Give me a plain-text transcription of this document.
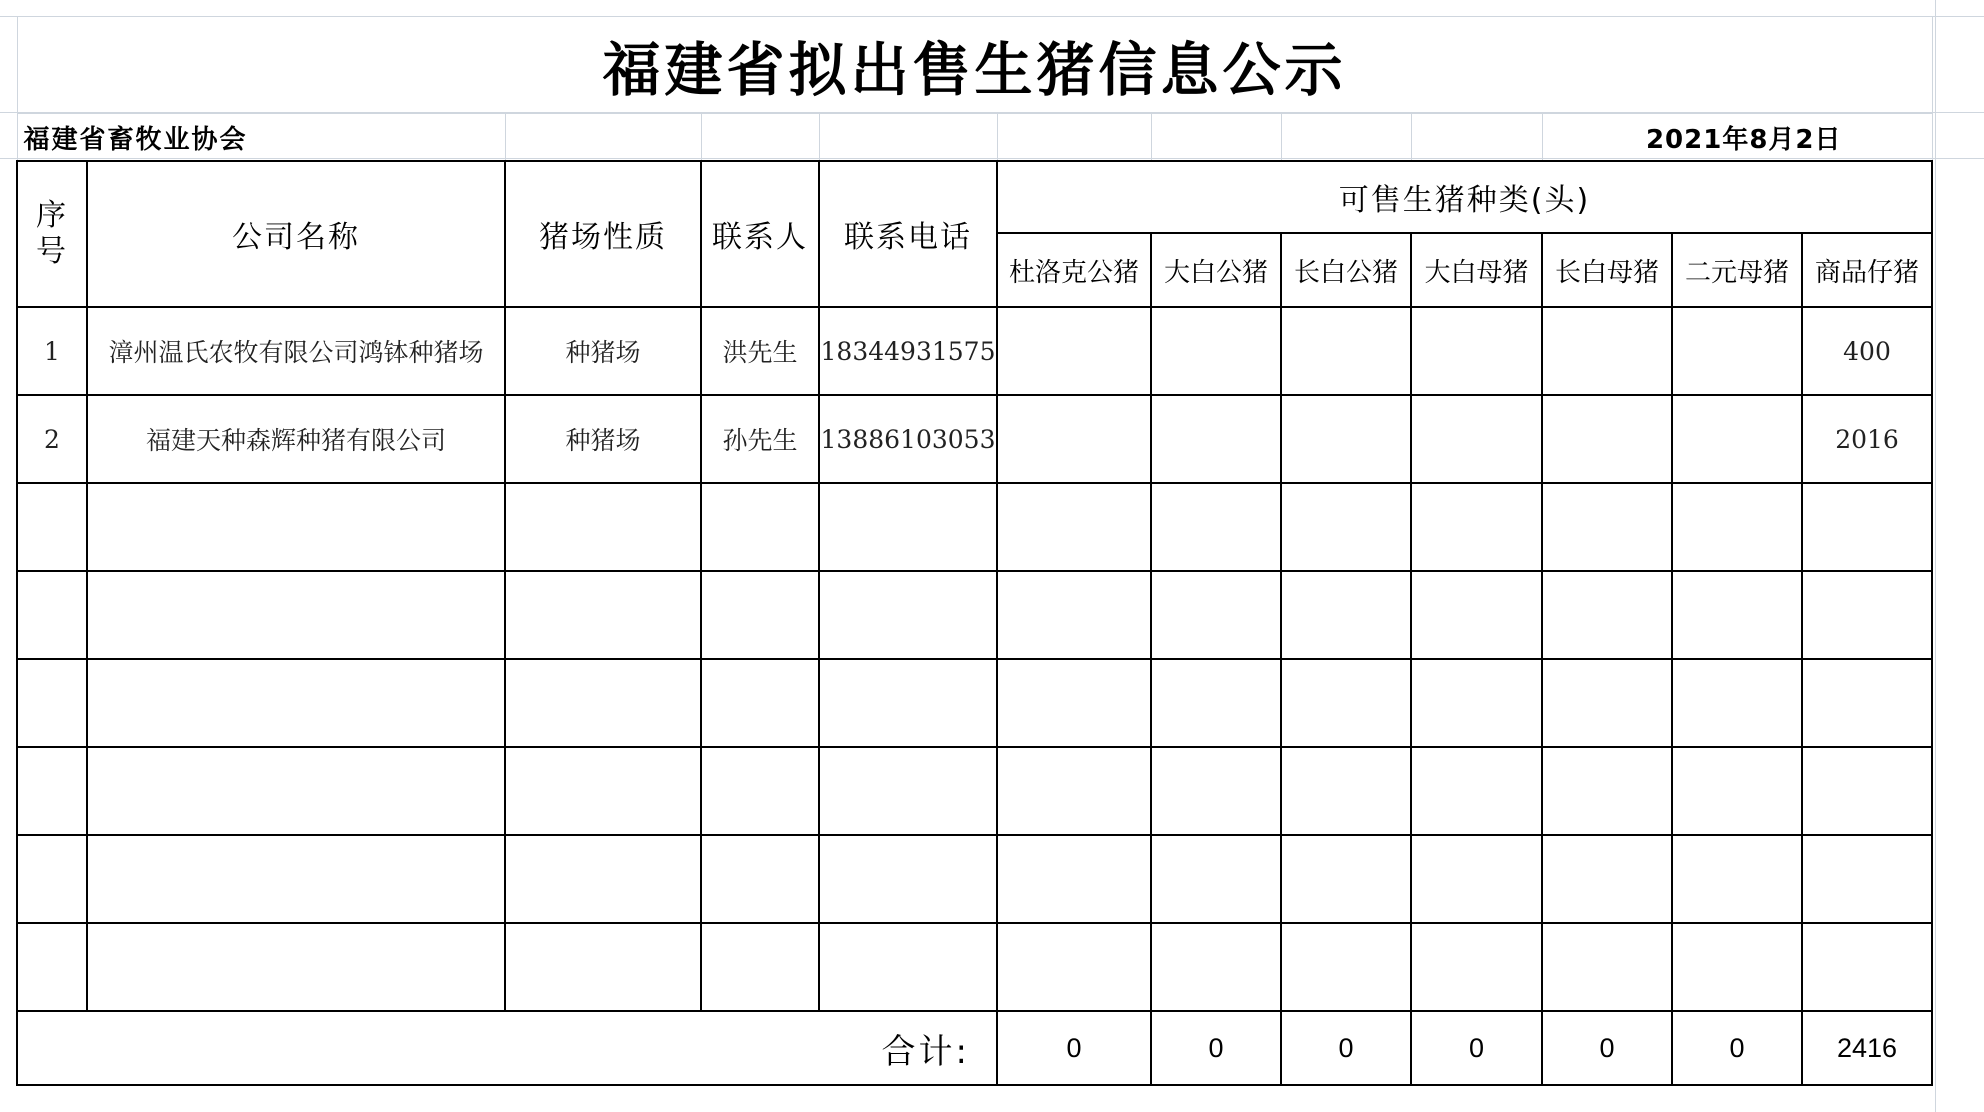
福建省拟出售生猪信息公示											
福建省畜牧业协会									2021年8月2日		

序
号	公司名称	猪场性质	联系人	联系电话	可售生猪种类(头)						
					杜洛克公猪	大白公猪	长白公猪	大白母猪	长白母猪	二元母猪	商品仔猪
1	漳州温氏农牧有限公司鸿钵种猪场	种猪场	洪先生	18344931575							400
2	福建天种森辉种猪有限公司	种猪场	孙先生	13886103053							2016

合计:					0	0	0	0	0	0	2416
